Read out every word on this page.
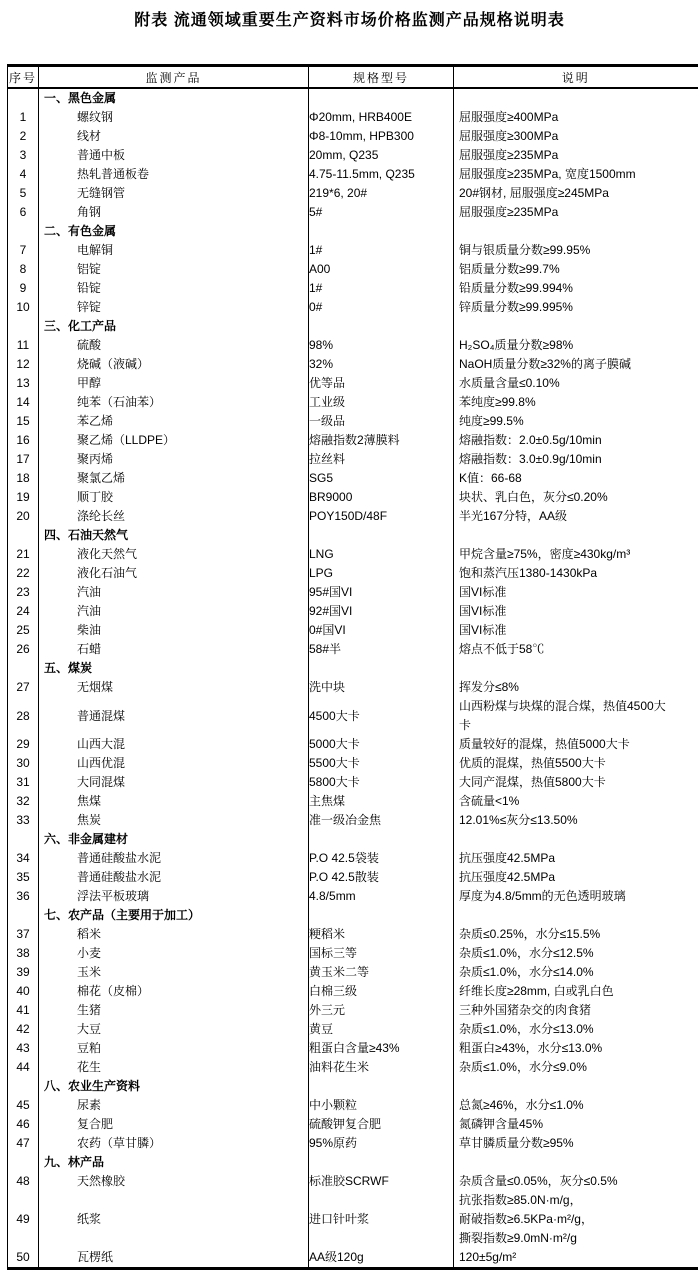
附表 流通领域重要生产资料市场价格监测产品规格说明表
序号	监测产品	规格型号	说明

	一、黑色金属		

1	螺纹钢	Φ20mm, HRB400E	屈服强度≥400MPa

2	线材	Φ8-10mm, HPB300	屈服强度≥300MPa

3	普通中板	20mm, Q235	屈服强度≥235MPa

4	热轧普通板卷	4.75-11.5mm, Q235	屈服强度≥235MPa, 宽度1500mm

5	无缝钢管	219*6, 20#	20#钢材, 屈服强度≥245MPa

6	角钢	5#	屈服强度≥235MPa

	二、有色金属		

7	电解铜	1#	铜与银质量分数≥99.95%

8	铝锭	A00	铝质量分数≥99.7%

9	铅锭	1#	铅质量分数≥99.994%

10	锌锭	0#	锌质量分数≥99.995%

	三、化工产品		

11	硫酸	98%	H₂SO₄质量分数≥98%

12	烧碱（液碱）	32%	NaOH质量分数≥32%的离子膜碱

13	甲醇	优等品	水质量含量≤0.10%

14	纯苯（石油苯）	工业级	苯纯度≥99.8%

15	苯乙烯	一级品	纯度≥99.5%

16	聚乙烯（LLDPE）	熔融指数2薄膜料	熔融指数：2.0±0.5g/10min

17	聚丙烯	拉丝料	熔融指数：3.0±0.9g/10min

18	聚氯乙烯	SG5	K值：66-68

19	顺丁胶	BR9000	块状、乳白色，灰分≤0.20%

20	涤纶长丝	POY150D/48F	半光167分特，AA级

	四、石油天然气		

21	液化天然气	LNG	甲烷含量≥75%，密度≥430kg/m³

22	液化石油气	LPG	饱和蒸汽压1380-1430kPa

23	汽油	95#国VI	国VI标准

24	汽油	92#国VI	国VI标准

25	柴油	0#国VI	国VI标准

26	石蜡	58#半	熔点不低于58℃

	五、煤炭		

27	无烟煤	洗中块	挥发分≤8%

28	普通混煤	4500大卡	山西粉煤与块煤的混合煤，热值4500大
卡

29	山西大混	5000大卡	质量较好的混煤，热值5000大卡

30	山西优混	5500大卡	优质的混煤，热值5500大卡

31	大同混煤	5800大卡	大同产混煤，热值5800大卡

32	焦煤	主焦煤	含硫量<1%

33	焦炭	准一级冶金焦	12.01%≤灰分≤13.50%

	六、非金属建材		

34	普通硅酸盐水泥	P.O 42.5袋装	抗压强度42.5MPa

35	普通硅酸盐水泥	P.O 42.5散装	抗压强度42.5MPa

36	浮法平板玻璃	4.8/5mm	厚度为4.8/5mm的无色透明玻璃

	七、农产品（主要用于加工）		

37	稻米	粳稻米	杂质≤0.25%，水分≤15.5%

38	小麦	国标三等	杂质≤1.0%，水分≤12.5%

39	玉米	黄玉米二等	杂质≤1.0%，水分≤14.0%

40	棉花（皮棉）	白棉三级	纤维长度≥28mm, 白或乳白色

41	生猪	外三元	三种外国猪杂交的肉食猪

42	大豆	黄豆	杂质≤1.0%，水分≤13.0%

43	豆粕	粗蛋白含量≥43%	粗蛋白≥43%，水分≤13.0%

44	花生	油料花生米	杂质≤1.0%，水分≤9.0%

	八、农业生产资料		

45	尿素	中小颗粒	总氮≥46%，水分≤1.0%

46	复合肥	硫酸钾复合肥	氮磷钾含量45%

47	农药（草甘膦）	95%原药	草甘膦质量分数≥95%

	九、林产品		

48	天然橡胶	标准胶SCRWF	杂质含量≤0.05%，灰分≤0.5%

49	纸浆	进口针叶浆	抗张指数≥85.0N·m/g，
耐破指数≥6.5KPa·m²/g，
撕裂指数≥9.0mN·m²/g

50	瓦楞纸	AA级120g	120±5g/m²
